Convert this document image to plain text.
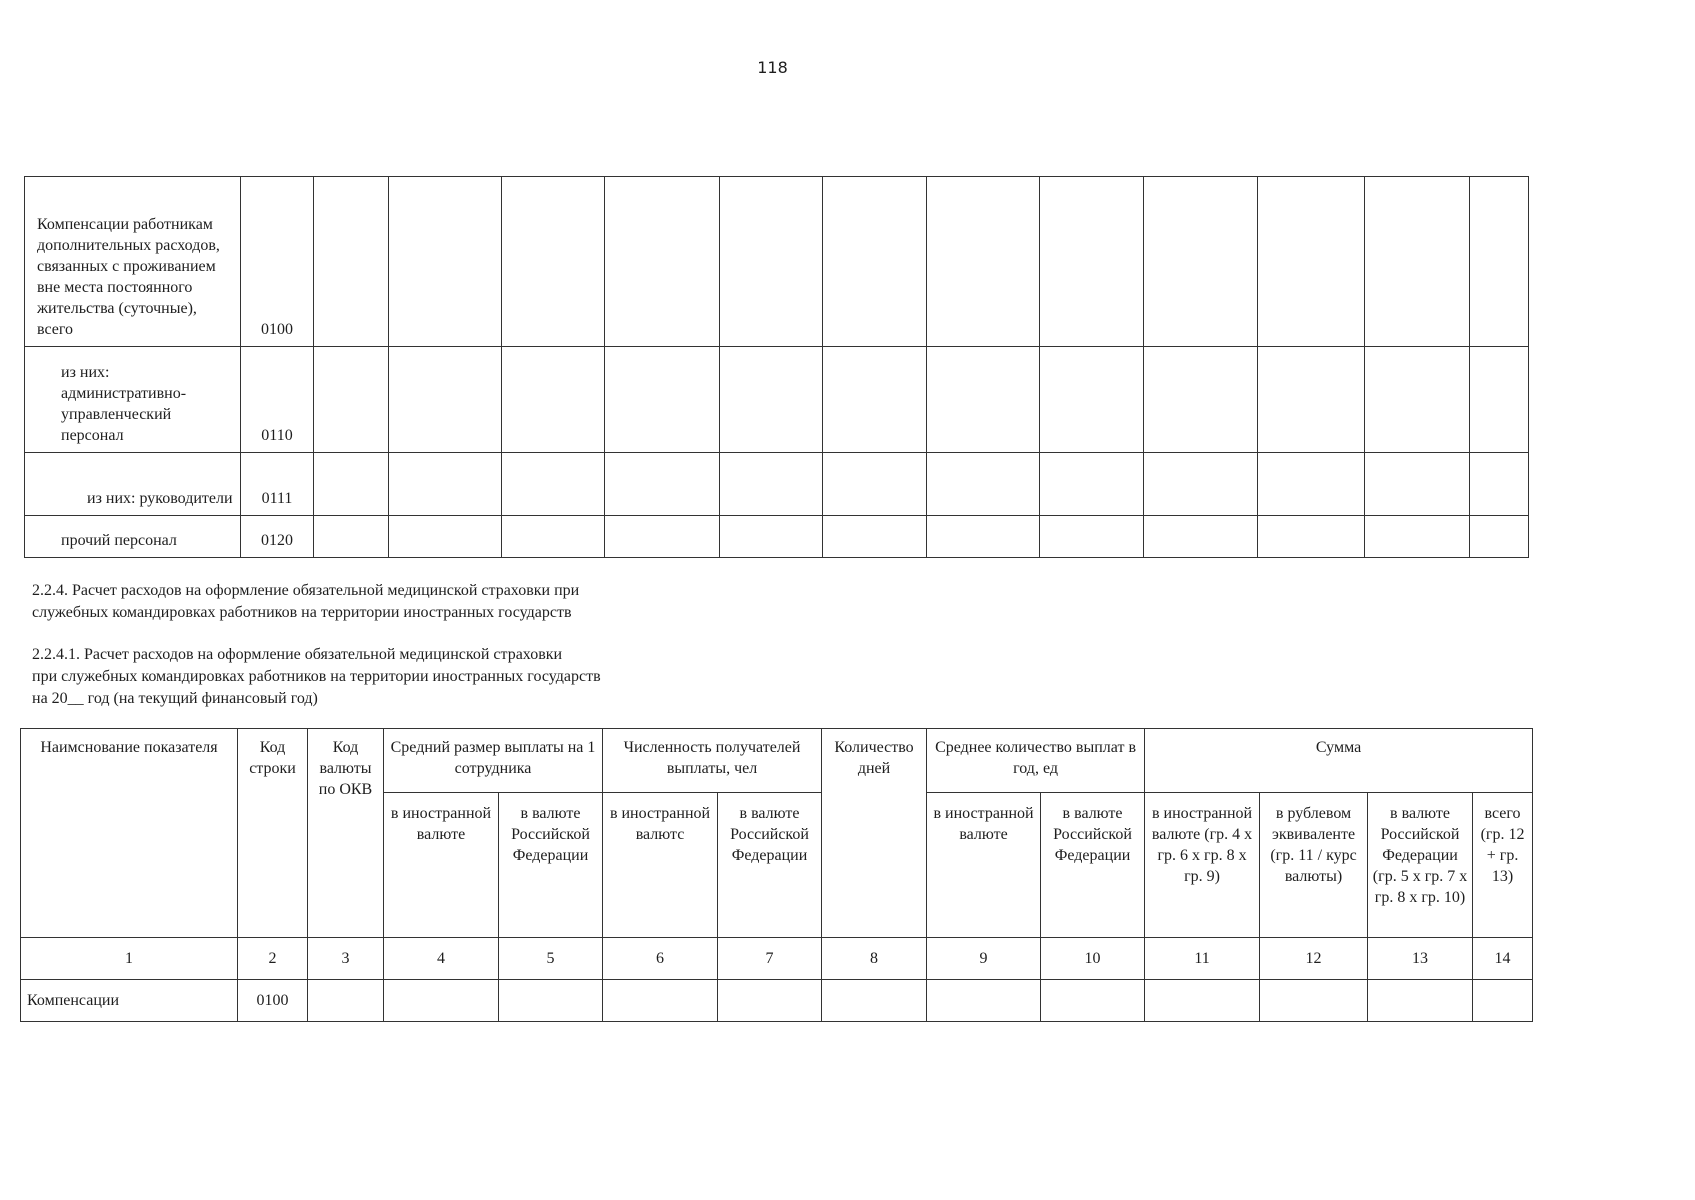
118
Компенсации работникам дополнительных расходов, связанных с проживанием вне места постоянного жительства (суточные), всего	0100												
из них: административно-управленческий персонал	0110												
из них: руководители	0111												
прочий персонал	0120												
2.2.4. Расчет расходов на оформление обязательной медицинской страховки при
служебных командировках работников на территории иностранных государств
2.2.4.1. Расчет расходов на оформление обязательной медицинской страховки
при служебных командировках работников на территории иностранных государств
на 20__ год (на текущий финансовый год)
Наимснование показателя	Код строки	Код валюты по ОКВ	Средний размер выплаты на 1 сотрудника		Численность получателей выплаты, чел		Количество дней	Среднее количество выплат в год, ед		Сумма			
			в иностранной валюте	в валюте Российской Федерации	в иностранной валютс	в валюте Российской Федерации		в иностранной валюте	в валюте Российской Федерации	в иностранной валюте (гр. 4 х гр. 6 х гр. 8 х гр. 9)	в рублевом эквиваленте (гр. 11 / курс валюты)	в валюте Российской Федерации (гр. 5 х гр. 7 х гр. 8 х гр. 10)	всего (гр. 12 + гр. 13)
1	2	3	4	5	6	7	8	9	10	11	12	13	14
Компенсации	0100												
